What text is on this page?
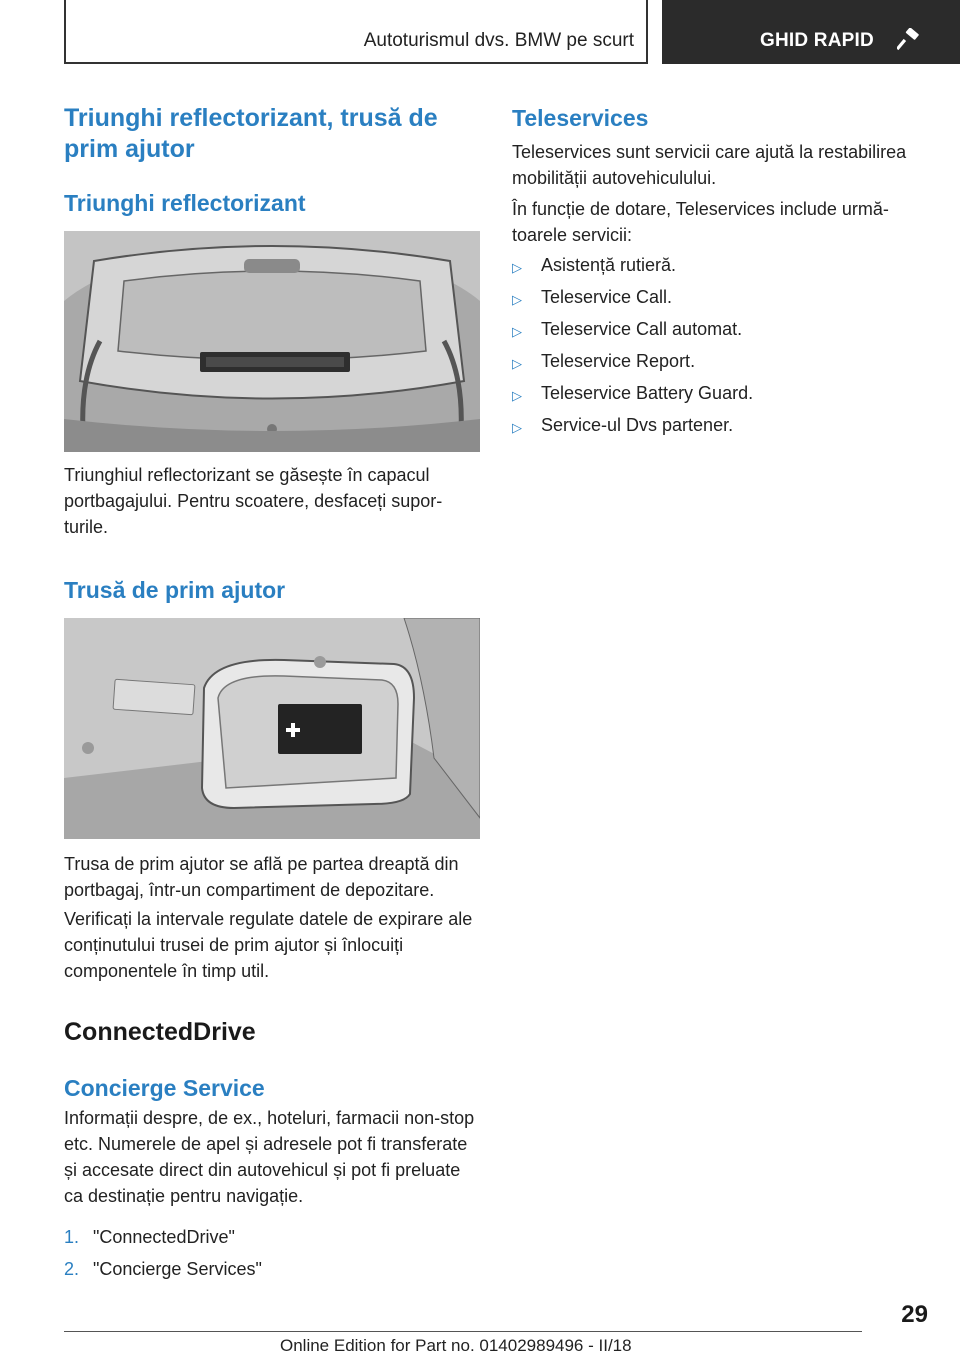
Autoturismul dvs. BMW pe scurt	GHID RAPID
Triunghi reflectorizant, trusă de prim ajutor
Triunghi reflectorizant

Triunghiul reflectorizant se găsește în capacul portbagajului. Pentru scoatere, desfaceți supor-turile.

Trusă de prim ajutor

Trusa de prim ajutor se află pe partea dreaptă din portbagaj, într-un compartiment de depozitare.

Verificați la intervale regulate datele de expirare ale conținutului trusei de prim ajutor și înlocuiți componentele în timp util.

ConnectedDrive
Concierge Service

Informații despre, de ex., hoteluri, farmacii non-stop etc. Numerele de apel și adresele pot fi transferate și accesate direct din autovehicul și pot fi preluate ca destinație pentru navigație.

1. "ConnectedDrive"
2. "Concierge Services"
Teleservices

Teleservices sunt servicii care ajută la restabilirea mobilității autovehiculului.

În funcție de dotare, Teleservices include urmă-toarele servicii:

▷ Asistență rutieră.
▷ Teleservice Call.
▷ Teleservice Call automat.
▷ Teleservice Report.
▷ Teleservice Battery Guard.
▷ Service-ul Dvs partener.
29
Online Edition for Part no. 01402989496 - II/18
